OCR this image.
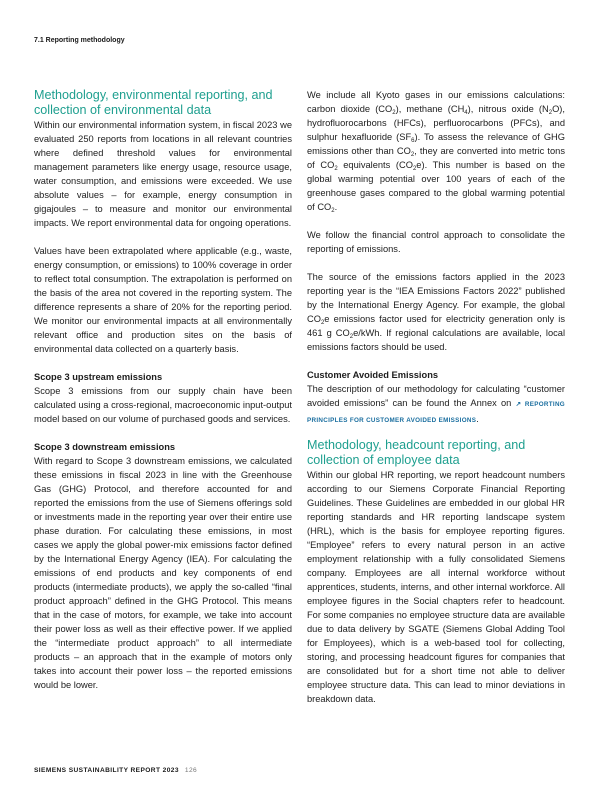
7.1 Reporting methodology
Methodology, environmental reporting, and collection of environmental data

Within our environmental information system, in fiscal 2023 we evaluated 250 reports from locations in all relevant countries where defined threshold values for environmental management parameters like energy usage, resource usage, water consumption, and emissions were exceeded. We use absolute values – for example, energy consumption in gigajoules – to measure and monitor our environmental impacts. We report environmental data for ongoing operations.

Values have been extrapolated where applicable (e.g., waste, energy consumption, or emissions) to 100% coverage in order to reflect total consumption. The extrapolation is performed on the basis of the area not covered in the reporting system. The difference represents a share of 20% for the reporting period. We monitor our environmental impacts at all environmentally relevant office and production sites on the basis of environmental data collected on a quarterly basis.

Scope 3 upstream emissions

Scope 3 emissions from our supply chain have been calculated using a cross-regional, macroeconomic input-output model based on our volume of purchased goods and services.

Scope 3 downstream emissions

With regard to Scope 3 downstream emissions, we calculated these emissions in fiscal 2023 in line with the Greenhouse Gas (GHG) Protocol, and therefore accounted for and reported the emissions from the use of Siemens offerings sold or investments made in the reporting year over their entire use phase duration. For calculating these emissions, in most cases we apply the global power-mix emissions factor defined by the International Energy Agency (IEA). For calculating the emissions of end products and key components of end products (intermediate products), we apply the so-called “final product approach” defined in the GHG Protocol. This means that in the case of motors, for example, we take into account their power loss as well as their effective power. If we applied the “intermediate product approach” to all intermediate products – an approach that in the example of motors only takes into account their power loss – the reported emissions would be lower.

We include all Kyoto gases in our emissions calculations: carbon dioxide $(CO_2)$, methane $(CH_4)$, nitrous oxide $(N_2O)$, hydrofluorocarbons (HFCs), perfluorocarbons (PFCs), and sulphur hexafluoride $(SF_6)$. To assess the relevance of GHG emissions other than $CO_2$, they are converted into metric tons of $CO_2$ equivalents $(CO_2e)$. This number is based on the global warming potential over 100 years of each of the greenhouse gases compared to the global warming potential of $CO_2$.

We follow the financial control approach to consolidate the reporting of emissions.

The source of the emissions factors applied in the 2023 reporting year is the “IEA Emissions Factors 2022” published by the International Energy Agency. For example, the global $CO_2e$ emissions factor used for electricity generation only is 461 g $CO_2e$/kWh. If regional calculations are available, local emissions factors should be used.

Customer Avoided Emissions

The description of our methodology for calculating “customer avoided emissions” can be found the Annex on ↗ REPORTING PRINCIPLES FOR CUSTOMER AVOIDED EMISSIONS.

Methodology, headcount reporting, and collection of employee data

Within our global HR reporting, we report headcount numbers according to our Siemens Corporate Financial Reporting Guidelines. These Guidelines are embedded in our global HR reporting standards and HR reporting landscape system (HRL), which is the basis for employee reporting figures. “Employee” refers to every natural person in an active employment relationship with a fully consolidated Siemens company. Employees are all internal workforce without apprentices, students, interns, and other internal workforce. All employee figures in the Social chapters refer to headcount. For some companies no employee structure data are available due to data delivery by SGATE (Siemens Global Adding Tool for Employees), which is a web-based tool for collecting, storing, and processing headcount figures for companies that are consolidated but for a short time not able to deliver employee structure data. This can lead to minor deviations in breakdown data.

SIEMENS SUSTAINABILITY REPORT 2023 126
